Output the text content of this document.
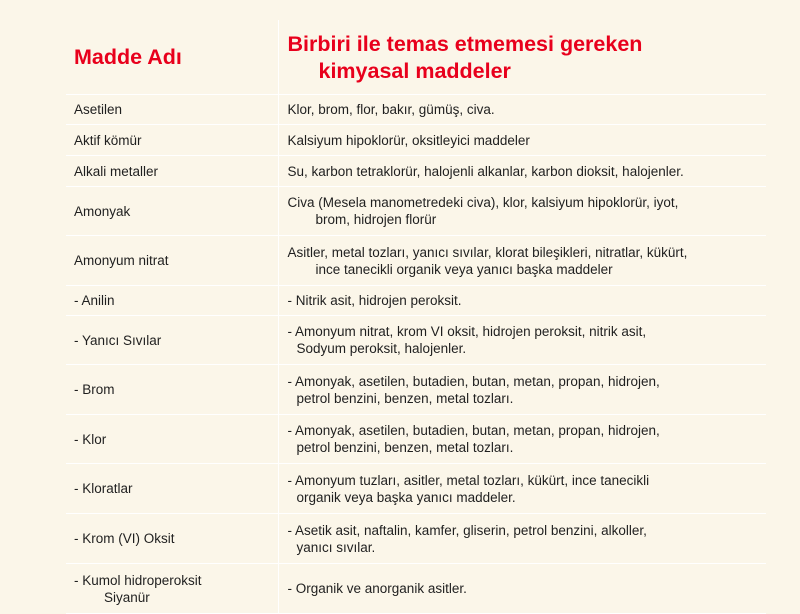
Madde Adı	Birbiri ile temas etmemesi gereken
kimyasal maddeler

Asetilen	Klor, brom, flor, bakır, gümüş, civa.
Aktif kömür	Kalsiyum hipoklorür, oksitleyici maddeler
Alkali metaller	Su, karbon tetraklorür, halojenli alkanlar, karbon dioksit, halojenler.
Amonyak	Civa (Mesela manometredeki civa), klor, kalsiyum hipoklorür, iyot,
brom, hidrojen florür

Amonyum nitrat	Asitler, metal tozları, yanıcı sıvılar, klorat bileşikleri, nitratlar, kükürt,
ince tanecikli organik veya yanıcı başka maddeler

- Anilin	- Nitrik asit, hidrojen peroksit.
- Yanıcı Sıvılar	- Amonyum nitrat, krom VI oksit, hidrojen peroksit, nitrik asit,
Sodyum peroksit, halojenler.

- Brom	- Amonyak, asetilen, butadien, butan, metan, propan, hidrojen,
petrol benzini, benzen, metal tozları.

- Klor	- Amonyak, asetilen, butadien, butan, metan, propan, hidrojen,
petrol benzini, benzen, metal tozları.

- Kloratlar	- Amonyum tuzları, asitler, metal tozları, kükürt, ince tanecikli
organik veya başka yanıcı maddeler.

- Krom (VI) Oksit	- Asetik asit, naftalin, kamfer, gliserin, petrol benzini, alkoller,
yanıcı sıvılar.

- Kumol hidroperoksit
Siyanür	- Organik ve anorganik asitler.
